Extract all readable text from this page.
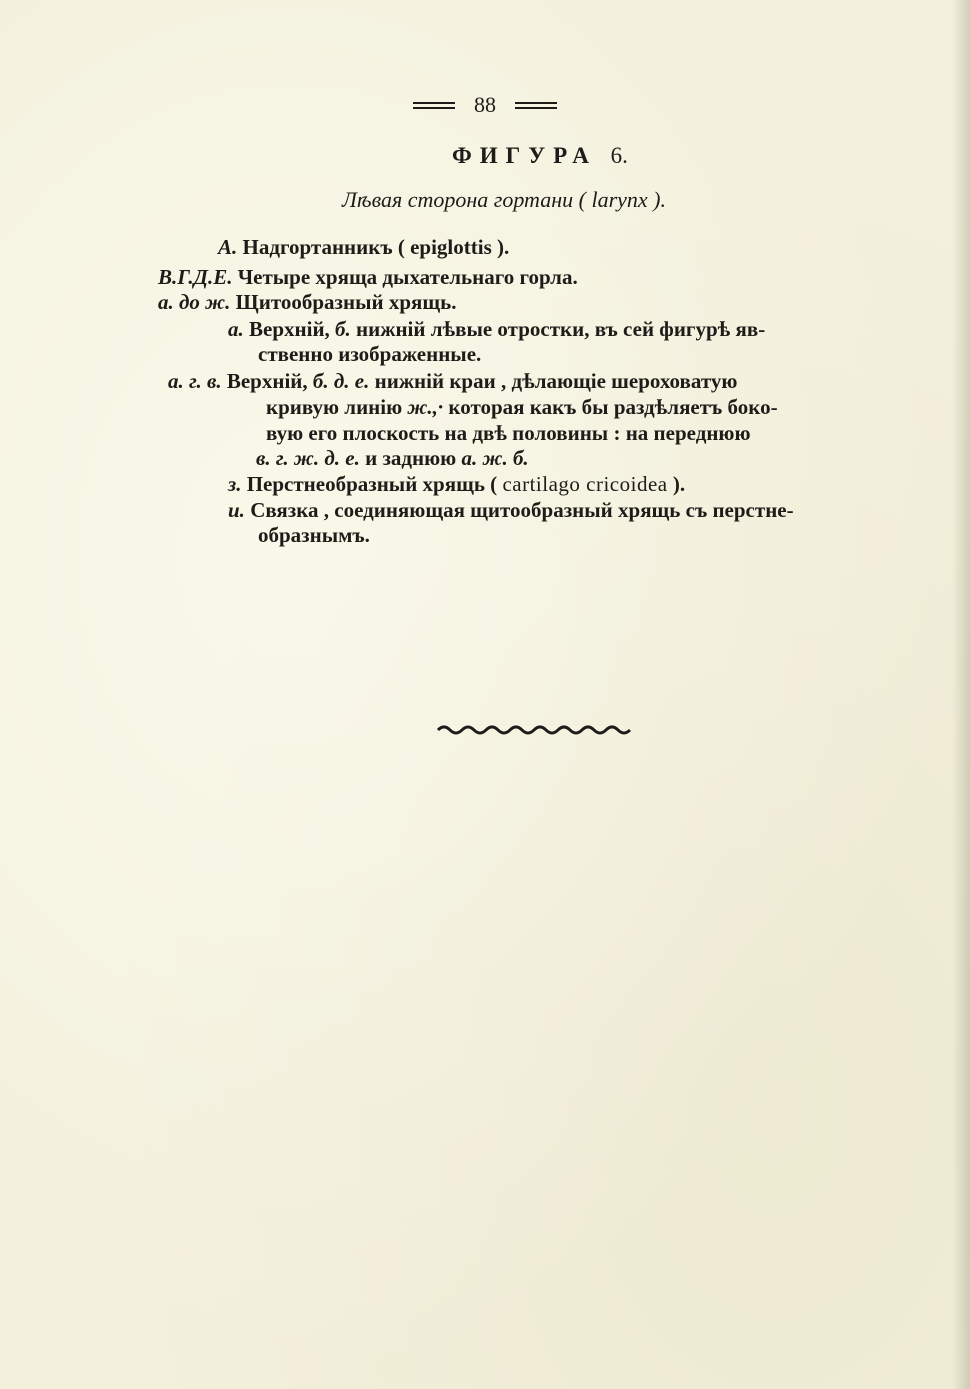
88
ФИГУРА 6.
Лѣвая сторона гортани ( larynx ).
А. Надгортанникъ ( epiglottis ).
В.Г.Д.Е. Четыре хряща дыхательнаго горла.
а. до ж. Щитообразный хрящь.
а. Верхній, б. нижній лѣвые отростки, въ сей фигурѣ яв-
ственно изображенные.
а. г. в. Верхній, б. д. е. нижній краи , дѣлающіе шероховатую
кривую линію ж.,· которая какъ бы раздѣляетъ боко-
вую его плоскость на двѣ половины : на переднюю
в. г. ж. д. е. и заднюю а. ж. б.
з. Перстнеобразный хрящь ( cartilago cricoidea ).
и. Связка , соединяющая щитообразный хрящь съ перстне-
образнымъ.
